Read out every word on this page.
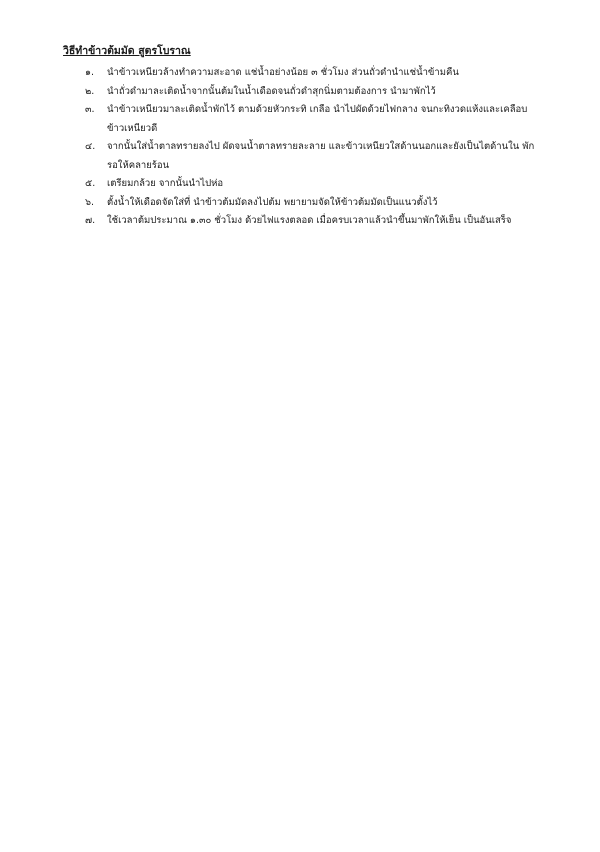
วิธีทำข้าวต้มมัด สูตรโบราณ
๑.	นำข้าวเหนียวล้างทำความสะอาด แช่น้ำอย่างน้อย ๓ ชั่วโมง ส่วนถั่วดำนำแช่น้ำข้ามคืน
๒.	นำถั่วดำมาละเติดน้ำจากนั้นต้มในน้ำเดือดจนถั่วดำสุกนิ่มตามต้องการ นำมาพักไว้
๓.	นำข้าวเหนียวมาละเติดน้ำพักไว้ ตามด้วยหัวกระทิ เกลือ นำไปผัดด้วยไฟกลาง จนกะทิงวดแห้งและเคลือบข้าวเหนียวดี
๔.	จากนั้นใส่น้ำตาลทรายลงไป ผัดจนน้ำตาลทรายละลาย และข้าวเหนียวใสด้านนอกและยังเป็นไตด้านใน พักรอให้คลายร้อน
๕.	เตรียมกล้วย จากนั้นนำไปห่อ
๖.	ตั้งน้ำให้เดือดจัดใส่ที่ นำข้าวต้มมัดลงไปต้ม พยายามจัดให้ข้าวต้มมัดเป็นแนวตั้งไว้
๗.	ใช้เวลาต้มประมาณ ๑.๓๐ ชั่วโมง ด้วยไฟแรงตลอด เมื่อครบเวลาแล้วนำขึ้นมาพักให้เย็น เป็นอันเสร็จ
